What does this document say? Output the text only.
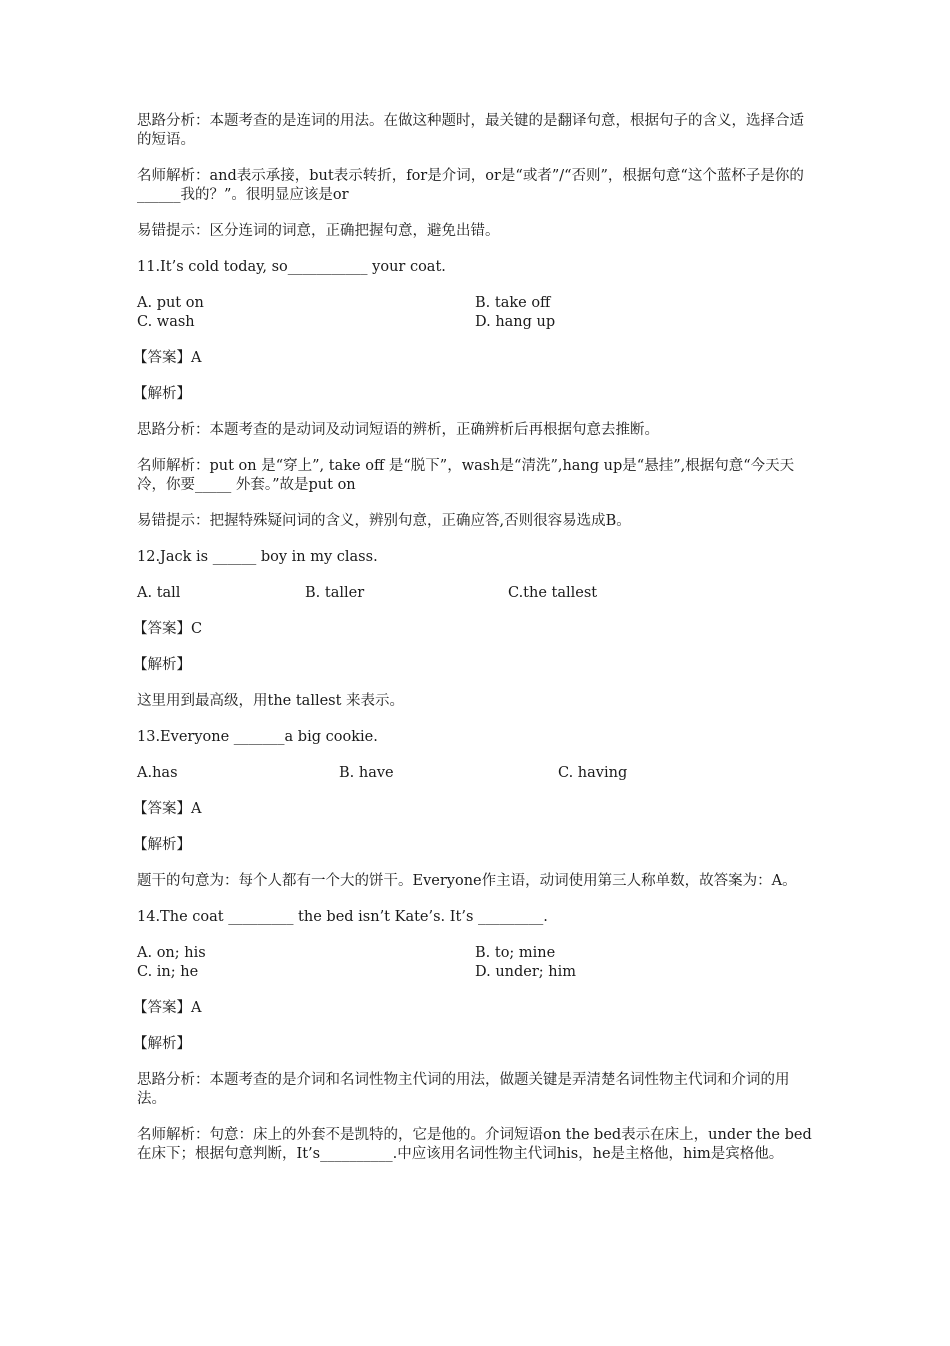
思路分析：本题考查的是连词的用法。在做这种题时，最关键的是翻译句意，根据句子的含义，选择合适的短语。

名师解析：and表示承接，but表示转折，for是介词，or是“或者”/“否则”，根据句意“这个蓝杯子是你的______我的？”。很明显应该是or

易错提示：区分连词的词意，正确把握句意，避免出错。

11.It’s cold today, so___________ your coat.

A. put on	B. take off
C. wash	D. hang up

【答案】A

【解析】

思路分析：本题考查的是动词及动词短语的辨析，正确辨析后再根据句意去推断。

名师解析：put on 是“穿上”, take off 是“脱下”，wash是“清洗”,hang up是“悬挂”,根据句意“今天天冷，你要_____ 外套。”故是put on

易错提示：把握特殊疑问词的含义，辨别句意，正确应答,否则很容易选成B。

12.Jack is ______ boy in my class.

A. tall	B. taller	C.the tallest

【答案】C

【解析】

这里用到最高级，用the tallest 来表示。

13.Everyone _______a big cookie.

A.has	B. have	C. having

【答案】A

【解析】

题干的句意为：每个人都有一个大的饼干。Everyone作主语，动词使用第三人称单数，故答案为：A。

14.The coat _________ the bed isn’t Kate’s. It’s _________.

A. on; his	B. to; mine
C. in; he	D. under; him

【答案】A

【解析】

思路分析：本题考查的是介词和名词性物主代词的用法，做题关键是弄清楚名词性物主代词和介词的用法。

名师解析：句意：床上的外套不是凯特的，它是他的。介词短语on the bed表示在床上，under the bed在床下；根据句意判断，It’s__________.中应该用名词性物主代词his，he是主格他，him是宾格他。
